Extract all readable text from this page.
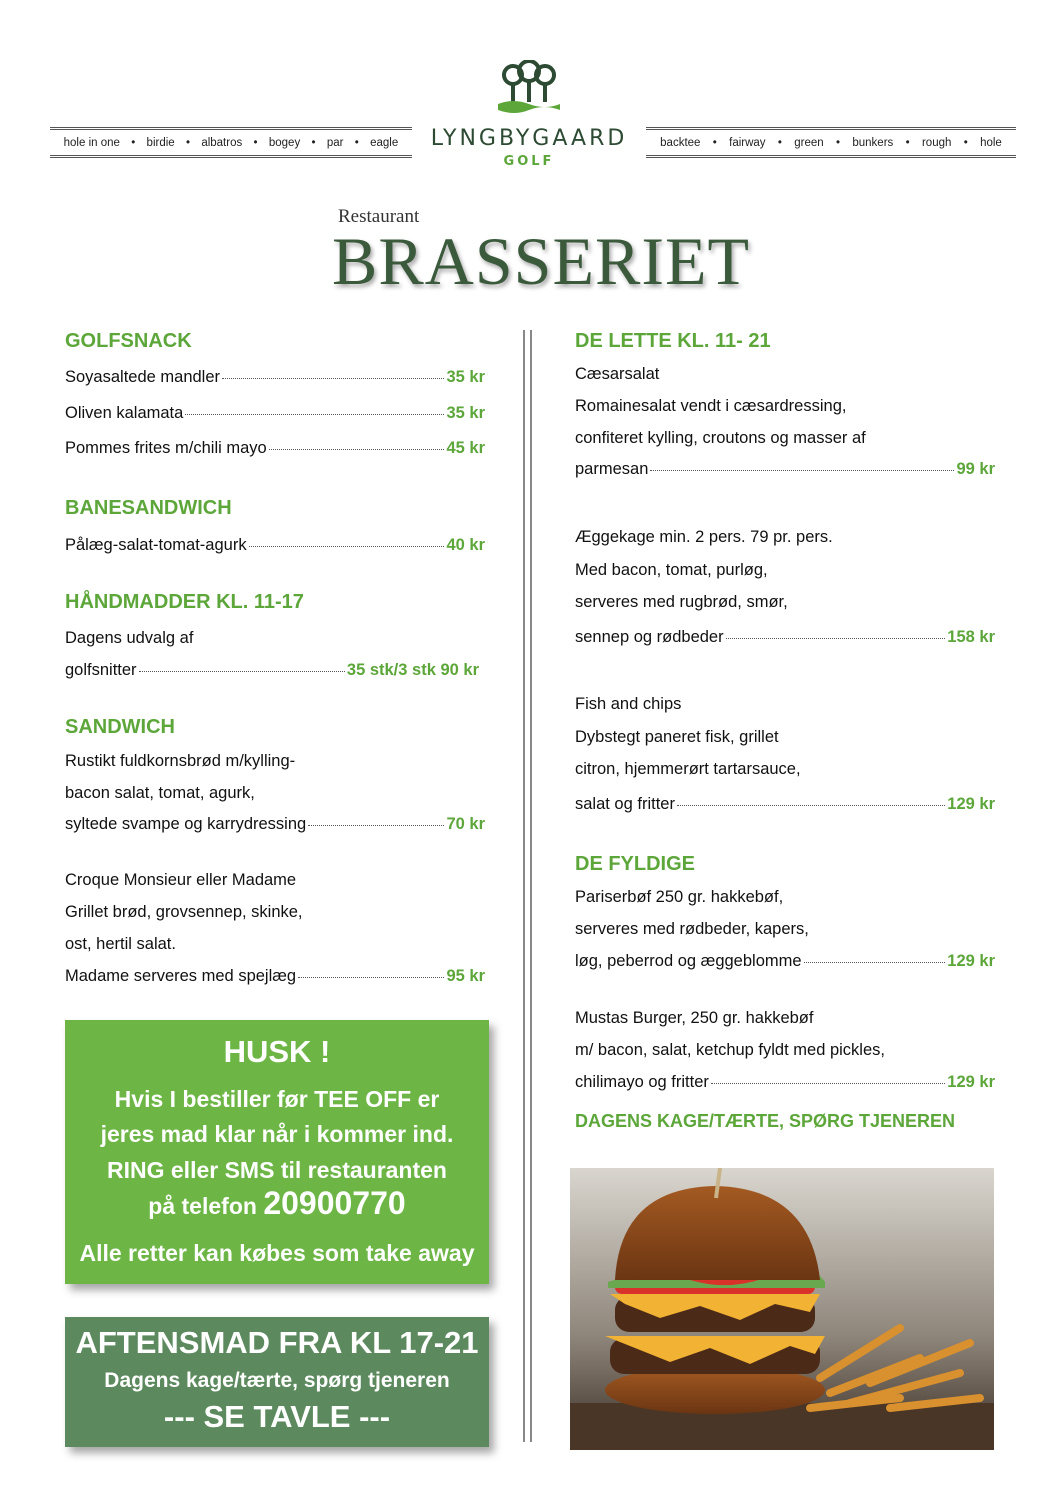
LYNGBYGAARD
GOLF
hole in one • birdie • albatros • bogey • par • eagle	backtee • fairway • green • bunkers • rough • hole
Restaurant
BRASSERIET
GOLFSNACK
Soyasaltede mandler	35 kr
Oliven kalamata	35 kr
Pommes frites m/chili mayo	45 kr
BANESANDWICH
Pålæg-salat-tomat-agurk	40 kr
HÅNDMADDER KL. 11-17
Dagens udvalg af
golfsnitter	35 stk/3 stk 90 kr
SANDWICH
Rustikt fuldkornsbrød m/kylling-
bacon salat, tomat, agurk,
syltede svampe og karrydressing	70 kr
Croque Monsieur eller Madame
Grillet brød, grovsennep, skinke,
ost, hertil salat.
Madame serveres med spejlæg	95 kr
HUSK !
Hvis I bestiller før TEE OFF er
jeres mad klar når i kommer ind.
RING eller SMS til restauranten
på telefon 20900770
Alle retter kan købes som take away
AFTENSMAD FRA KL 17-21
Dagens kage/tærte, spørg tjeneren
--- SE TAVLE ---
DE LETTE KL. 11- 21
Cæsarsalat
Romainesalat vendt i cæsardressing,
confiteret kylling, croutons og masser af
parmesan	99 kr
Æggekage min. 2 pers. 79 pr. pers.
Med bacon, tomat, purløg,
serveres med rugbrød, smør,
sennep og rødbeder	158 kr
Fish and chips
Dybstegt paneret fisk, grillet
citron, hjemmerørt tartarsauce,
salat og fritter	129 kr
DE FYLDIGE
Pariserbøf 250 gr. hakkebøf,
serveres med rødbeder, kapers,
løg, peberrod og æggeblomme	129 kr
Mustas Burger, 250 gr. hakkebøf
m/ bacon, salat, ketchup fyldt med pickles,
chilimayo og fritter	129 kr
DAGENS KAGE/TÆRTE, SPØRG TJENEREN
